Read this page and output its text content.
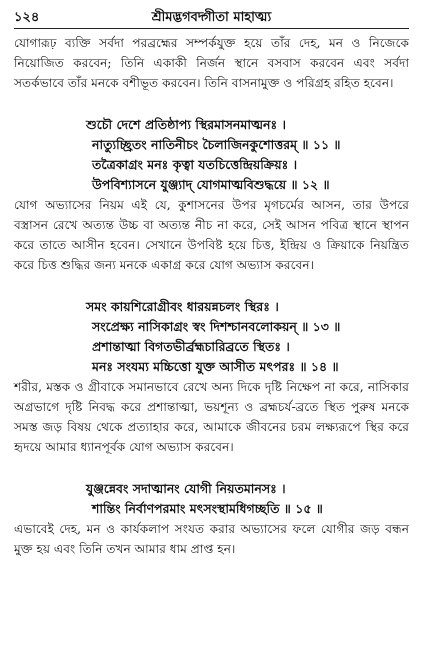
১২৪	শ্রীমদ্ভগবদ্গীতা মাহাত্ম্য

যোগারূঢ় ব্যক্তি সর্বদা পরব্রহ্মের সম্পর্কযুক্ত হয়ে তাঁর দেহ, মন ও নিজেকে নিয়োজিত করবেন; তিনি একাকী নির্জন স্থানে বসবাস করবেন এবং সর্বদা সতর্কভাবে তাঁর মনকে বশীভূত করবেন। তিনি বাসনামুক্ত ও পরিগ্রহ রহিত হবেন।

শুচৌ দেশে প্রতিষ্ঠাপ্য স্থিরমাসনমাত্মনঃ ।
নাত্যুচ্ছ্রিতং নাতিনীচং চৈলাজিনকুশোত্তরম্ ॥ ১১ ॥
তত্রৈকাগ্রং মনঃ কৃত্বা যতচিত্তেন্দ্রিয়ক্রিয়ঃ ।
উপবিশ্যাসনে যুঞ্জ্যাদ্ যোগমাত্মবিশুদ্ধয়ে ॥ ১২ ॥

যোগ অভ্যাসের নিয়ম এই যে, কুশাসনের উপর মৃগচর্মের আসন, তার উপরে বস্ত্রাসন রেখে অত্যন্ত উচ্চ বা অত্যন্ত নীচ না করে, সেই আসন পবিত্র স্থানে স্থাপন করে তাতে আসীন হবেন। সেখানে উপবিষ্ট হয়ে চিত্ত, ইন্দ্রিয় ও ক্রিয়াকে নিয়ন্ত্রিত করে চিত্ত শুদ্ধির জন্য মনকে একাগ্র করে যোগ অভ্যাস করবেন।

সমং কায়শিরোগ্রীবং ধারয়ন্নচলং স্থিরঃ ।
সংপ্রেক্ষ্য নাসিকাগ্রং স্বং দিশশ্চানবলোকয়ন্ ॥ ১৩ ॥
প্রশান্তাত্মা বিগতভীর্ব্রহ্মচারিব্রতে স্থিতঃ ।
মনঃ সংযম্য মচ্চিত্তো যুক্ত আসীত মৎপরঃ ॥ ১৪ ॥

শরীর, মস্তক ও গ্রীবাকে সমানভাবে রেখে অন্য দিকে দৃষ্টি নিক্ষেপ না করে, নাসিকার অগ্রভাগে দৃষ্টি নিবদ্ধ করে প্রশান্তাত্মা, ভয়শূন্য ও ব্রহ্মচর্য-ব্রতে স্থিত পুরুষ মনকে সমস্ত জড় বিষয় থেকে প্রত্যাহার করে, আমাকে জীবনের চরম লক্ষ্যরূপে স্থির করে হৃদয়ে আমার ধ্যানপূর্বক যোগ অভ্যাস করবেন।

যুঞ্জন্নেবং সদাত্মানং যোগী নিয়তমানসঃ ।
শান্তিং নির্বাণপরমাং মৎসংস্থামধিগচ্ছতি ॥ ১৫ ॥

এভাবেই দেহ, মন ও কার্যকলাপ সংযত করার অভ্যাসের ফলে যোগীর জড় বন্ধন মুক্ত হয় এবং তিনি তখন আমার ধাম প্রাপ্ত হন।
